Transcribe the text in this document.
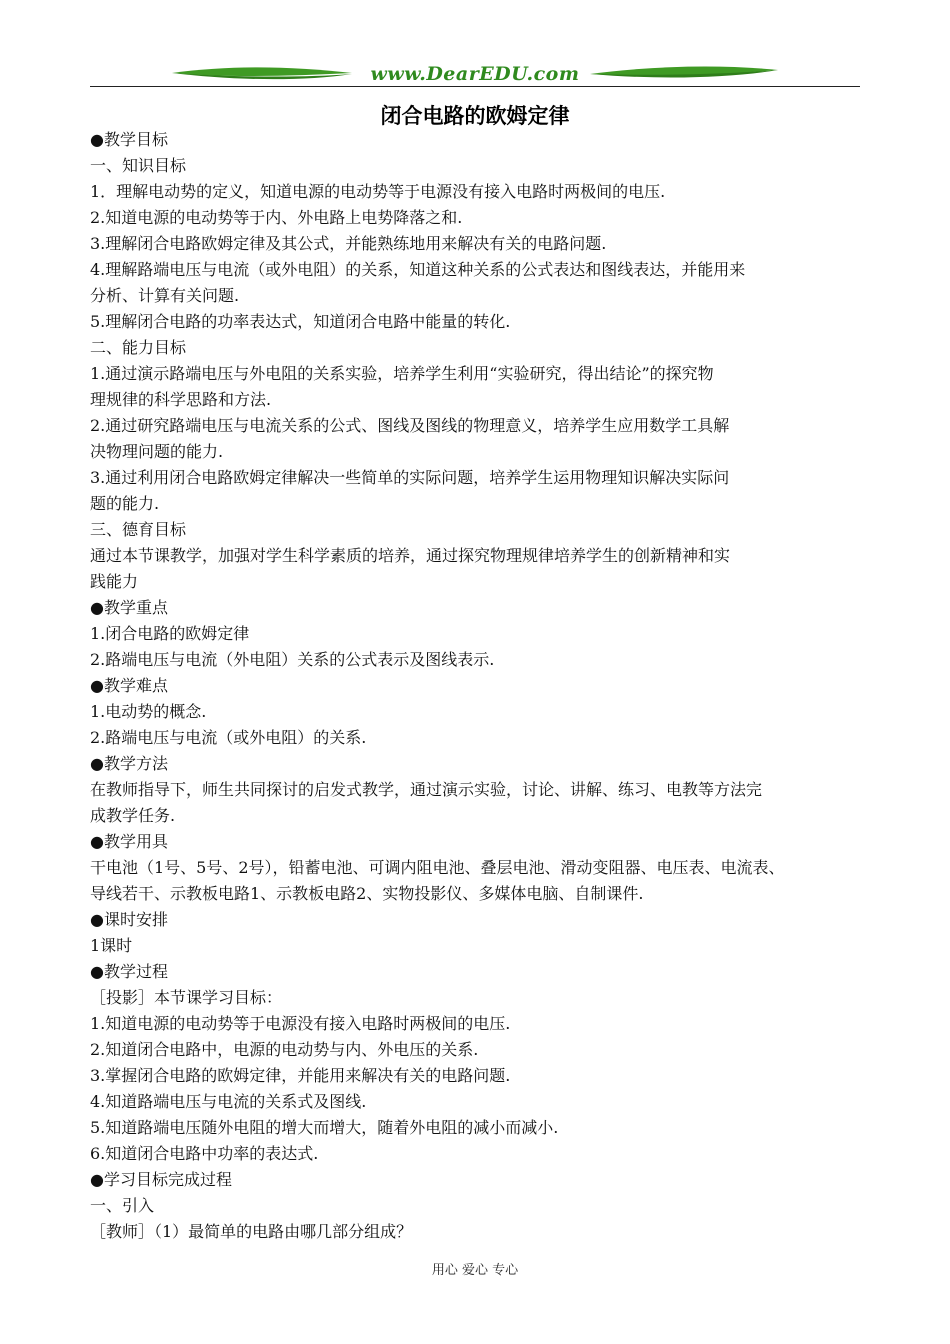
www.DearEDU.com
闭合电路的欧姆定律
●教学目标
一、知识目标
1．理解电动势的定义，知道电源的电动势等于电源没有接入电路时两极间的电压.
2.知道电源的电动势等于内、外电路上电势降落之和.
3.理解闭合电路欧姆定律及其公式，并能熟练地用来解决有关的电路问题.
4.理解路端电压与电流（或外电阻）的关系，知道这种关系的公式表达和图线表达，并能用来
分析、计算有关问题.
5.理解闭合电路的功率表达式，知道闭合电路中能量的转化.
二、能力目标
1.通过演示路端电压与外电阻的关系实验，培养学生利用“实验研究，得出结论”的探究物
理规律的科学思路和方法.
2.通过研究路端电压与电流关系的公式、图线及图线的物理意义，培养学生应用数学工具解
决物理问题的能力.
3.通过利用闭合电路欧姆定律解决一些简单的实际问题，培养学生运用物理知识解决实际问
题的能力.
三、德育目标
通过本节课教学，加强对学生科学素质的培养，通过探究物理规律培养学生的创新精神和实
践能力
●教学重点
1.闭合电路的欧姆定律
2.路端电压与电流（外电阻）关系的公式表示及图线表示.
●教学难点
1.电动势的概念.
2.路端电压与电流（或外电阻）的关系.
●教学方法
在教师指导下，师生共同探讨的启发式教学，通过演示实验，讨论、讲解、练习、电教等方法完
成教学任务.
●教学用具
干电池（1号、5号、2号），铅蓄电池、可调内阻电池、叠层电池、滑动变阻器、电压表、电流表、
导线若干、示教板电路1、示教板电路2、实物投影仪、多媒体电脑、自制课件.
●课时安排
1课时
●教学过程
［投影］本节课学习目标：
1.知道电源的电动势等于电源没有接入电路时两极间的电压.
2.知道闭合电路中，电源的电动势与内、外电压的关系.
3.掌握闭合电路的欧姆定律，并能用来解决有关的电路问题.
4.知道路端电压与电流的关系式及图线.
5.知道路端电压随外电阻的增大而增大，随着外电阻的减小而减小.
6.知道闭合电路中功率的表达式.
●学习目标完成过程
一、引入
［教师］（1）最简单的电路由哪几部分组成？
用心 爱心 专心
